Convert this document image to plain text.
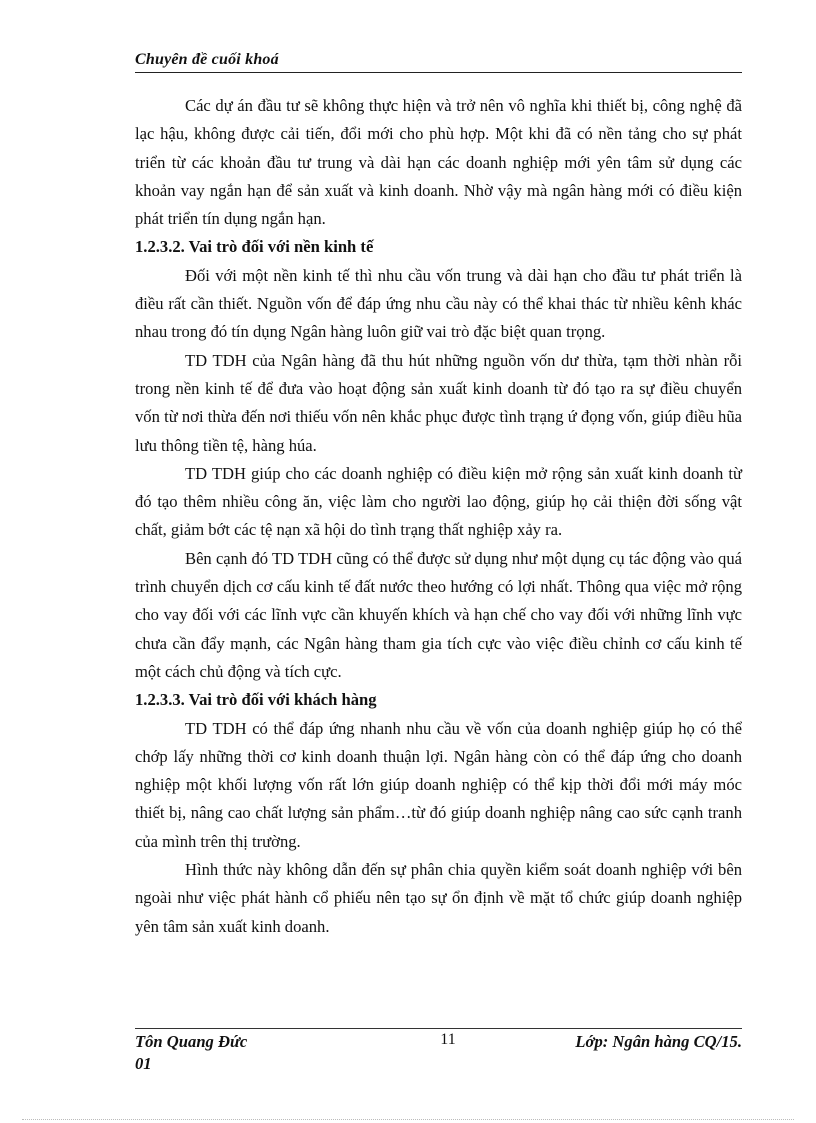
Chuyên đề cuối khoá

Các dự án đầu tư sẽ không thực hiện và trở nên vô nghĩa khi thiết bị, công nghệ đã lạc hậu, không được cải tiến, đổi mới cho phù hợp. Một khi đã có nền tảng cho sự phát triển từ các khoản đầu tư trung và dài hạn các doanh nghiệp mới yên tâm sử dụng các khoản vay ngắn hạn để sản xuất và kinh doanh. Nhờ vậy mà ngân hàng mới có điều kiện phát triển tín dụng ngắn hạn.

1.2.3.2. Vai trò đối với nền kinh tế

Đối với một nền kinh tế thì nhu cầu vốn trung và dài hạn cho đầu tư phát triển là điều rất cần thiết. Nguồn vốn để đáp ứng nhu cầu này có thể khai thác từ nhiều kênh khác nhau trong đó tín dụng Ngân hàng luôn giữ vai trò đặc biệt quan trọng.

TD TDH của Ngân hàng đã thu hút những nguồn vốn dư thừa, tạm thời nhàn rỗi trong nền kinh tế để đưa vào hoạt động sản xuất kinh doanh từ đó tạo ra sự điều chuyển vốn từ nơi thừa đến nơi thiếu vốn nên khắc phục được tình trạng ứ đọng vốn, giúp điều hũa lưu thông tiền tệ, hàng húa.

TD TDH giúp cho các doanh nghiệp có điều kiện mở rộng sản xuất kinh doanh từ đó tạo thêm nhiều công ăn, việc làm cho người lao động, giúp họ cải thiện đời sống vật chất, giảm bớt các tệ nạn xã hội do tình trạng thất nghiệp xảy ra.

Bên cạnh đó TD TDH cũng có thể được sử dụng như một dụng cụ tác động vào quá trình chuyển dịch cơ cấu kinh tế đất nước theo hướng có lợi nhất. Thông qua việc mở rộng cho vay đối với các lĩnh vực cần khuyến khích và hạn chế cho vay đối với những lĩnh vực chưa cần đẩy mạnh, các Ngân hàng tham gia tích cực vào việc điều chỉnh cơ cấu kinh tế một cách chủ động và tích cực.

1.2.3.3. Vai trò đối với khách hàng

TD TDH có thể đáp ứng nhanh nhu cầu về vốn của doanh nghiệp giúp họ có thể chớp lấy những thời cơ kinh doanh thuận lợi. Ngân hàng còn có thể đáp ứng cho doanh nghiệp một khối lượng vốn rất lớn giúp doanh nghiệp có thể kịp thời đổi mới máy móc thiết bị, nâng cao chất lượng sản phẩm…từ đó giúp doanh nghiệp nâng cao sức cạnh tranh của mình trên thị trường.

Hình thức này không dẫn đến sự phân chia quyền kiểm soát doanh nghiệp với bên ngoài như việc phát hành cổ phiếu nên tạo sự ổn định về mặt tổ chức giúp doanh nghiệp yên tâm sản xuất kinh doanh.

Tôn Quang Đức
01
11	Lớp: Ngân hàng CQ/15.
